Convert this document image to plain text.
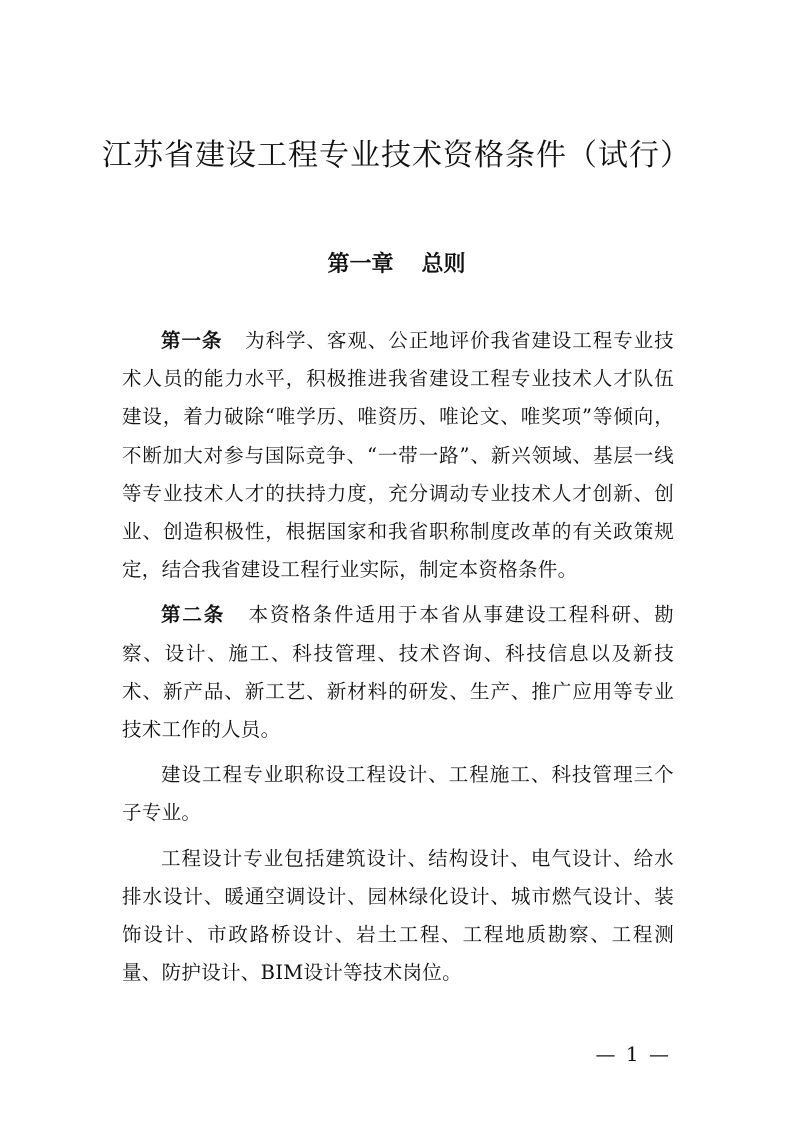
江苏省建设工程专业技术资格条件（试行）
第一章 总则

第一条 为科学、客观、公正地评价我省建设工程专业技术人员的能力水平，积极推进我省建设工程专业技术人才队伍建设，着力破除“唯学历、唯资历、唯论文、唯奖项”等倾向，不断加大对参与国际竞争、“一带一路”、新兴领域、基层一线等专业技术人才的扶持力度，充分调动专业技术人才创新、创业、创造积极性，根据国家和我省职称制度改革的有关政策规定，结合我省建设工程行业实际，制定本资格条件。

第二条 本资格条件适用于本省从事建设工程科研、勘察、设计、施工、科技管理、技术咨询、科技信息以及新技术、新产品、新工艺、新材料的研发、生产、推广应用等专业技术工作的人员。

建设工程专业职称设工程设计、工程施工、科技管理三个子专业。

工程设计专业包括建筑设计、结构设计、电气设计、给水排水设计、暖通空调设计、园林绿化设计、城市燃气设计、装饰设计、市政路桥设计、岩土工程、工程地质勘察、工程测量、防护设计、BIM设计等技术岗位。

— 1 —
